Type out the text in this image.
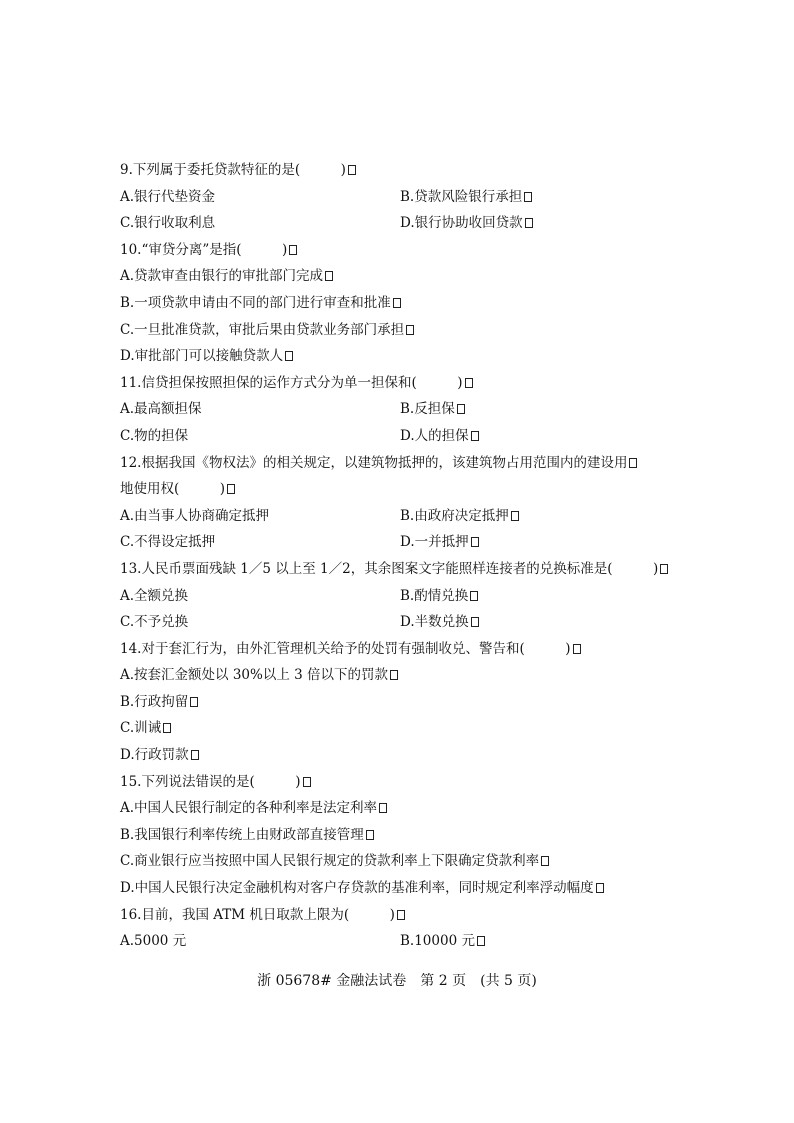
9.下列属于委托贷款特征的是(　　　)
A.银行代垫资金	B.贷款风险银行承担
C.银行收取利息	D.银行协助收回贷款
10.“审贷分离”是指(　　　)
A.贷款审查由银行的审批部门完成
B.一项贷款申请由不同的部门进行审查和批准
C.一旦批准贷款，审批后果由贷款业务部门承担
D.审批部门可以接触贷款人
11.信贷担保按照担保的运作方式分为单一担保和(　　　)
A.最高额担保	B.反担保
C.物的担保	D.人的担保
12.根据我国《物权法》的相关规定，以建筑物抵押的，该建筑物占用范围内的建设用
地使用权(　　　)
A.由当事人协商确定抵押	B.由政府决定抵押
C.不得设定抵押	D.一并抵押
13.人民币票面残缺 1／5 以上至 1／2，其余图案文字能照样连接者的兑换标准是(　　　)
A.全额兑换	B.酌情兑换
C.不予兑换	D.半数兑换
14.对于套汇行为，由外汇管理机关给予的处罚有强制收兑、警告和(　　　)
A.按套汇金额处以 30%以上 3 倍以下的罚款
B.行政拘留
C.训诫
D.行政罚款
15.下列说法错误的是(　　　)
A.中国人民银行制定的各种利率是法定利率
B.我国银行利率传统上由财政部直接管理
C.商业银行应当按照中国人民银行规定的贷款利率上下限确定贷款利率
D.中国人民银行决定金融机构对客户存贷款的基准利率，同时规定利率浮动幅度
16.目前，我国 ATM 机日取款上限为(　　　)
A.5000 元	B.10000 元
浙 05678# 金融法试卷　第 2 页　(共 5 页)
